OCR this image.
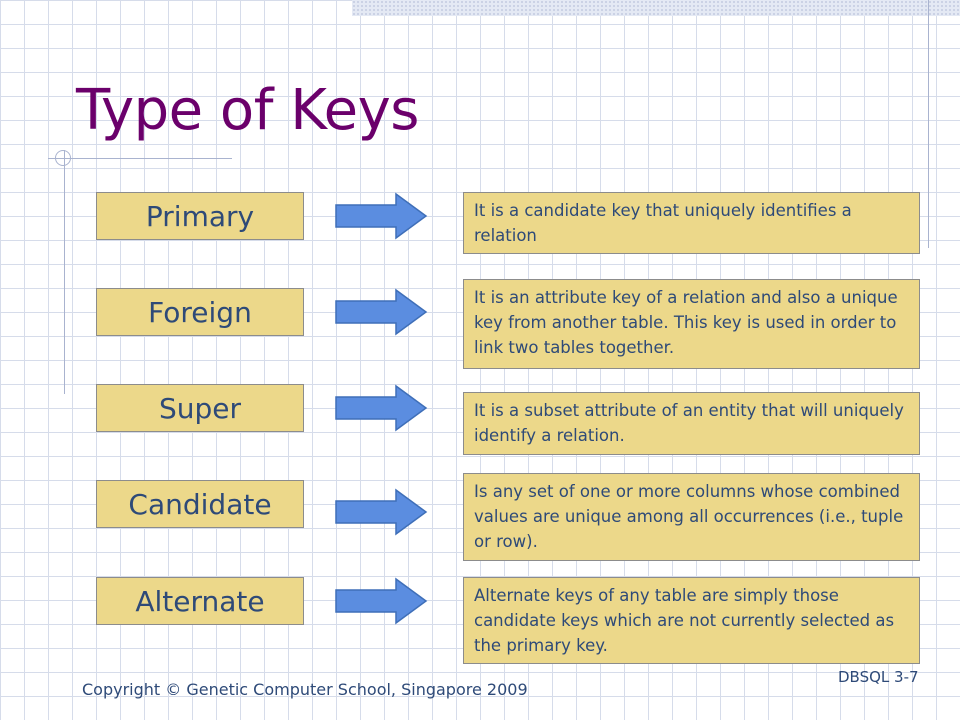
Type of Keys
Primary	It is a candidate key that uniquely identifies a relation
Foreign	It is an attribute key of a relation and also a unique key from another table. This key is used in order to link two tables together.
Super	It is a subset attribute of an entity that will uniquely identify a relation.
Candidate	Is any set of one or more columns whose combined values are unique among all occurrences (i.e., tuple or row).
Alternate	Alternate keys of any table are simply those candidate keys which are not currently selected as the primary key.
Copyright © Genetic Computer School, Singapore 2009
DBSQL 3-7
